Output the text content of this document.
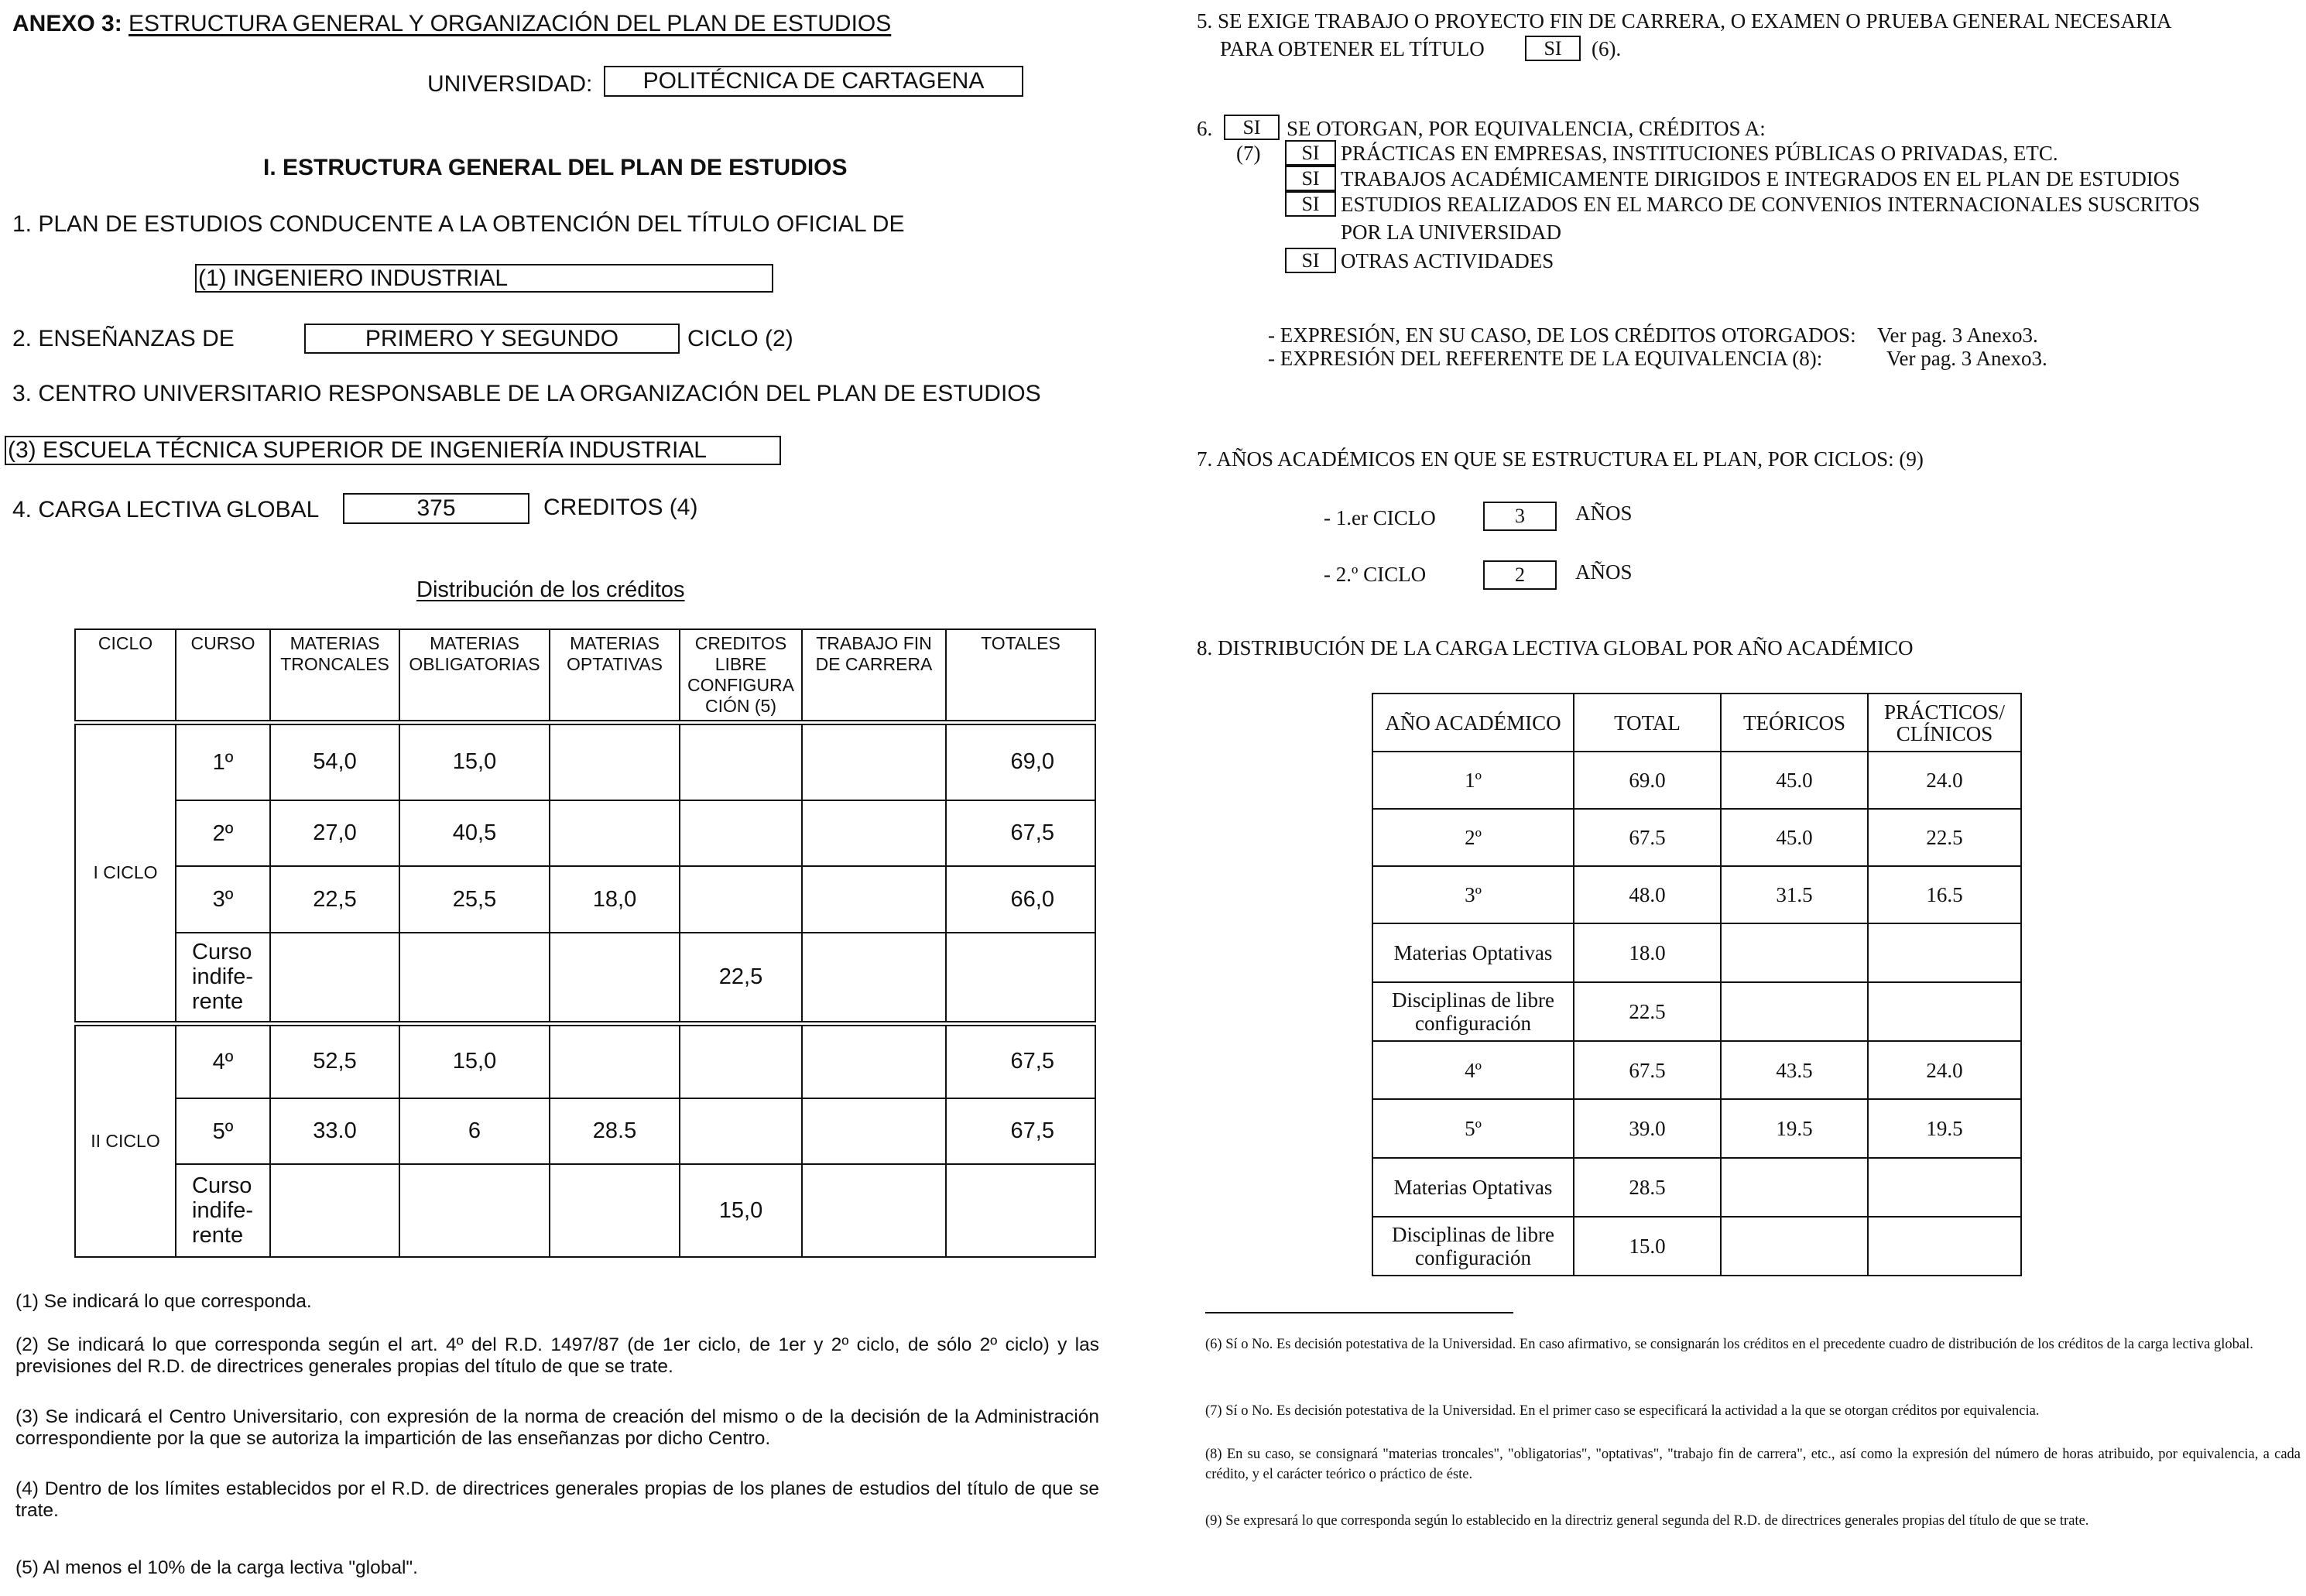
ANEXO 3: ESTRUCTURA GENERAL Y ORGANIZACIÓN DEL PLAN DE ESTUDIOS
UNIVERSIDAD:	POLITÉCNICA DE CARTAGENA
I. ESTRUCTURA GENERAL DEL PLAN DE ESTUDIOS
1. PLAN DE ESTUDIOS CONDUCENTE A LA OBTENCIÓN DEL TÍTULO OFICIAL DE
(1) INGENIERO INDUSTRIAL
2. ENSEÑANZAS DE	PRIMERO Y SEGUNDO	CICLO (2)
3. CENTRO UNIVERSITARIO RESPONSABLE DE LA ORGANIZACIÓN DEL PLAN DE ESTUDIOS
(3) ESCUELA TÉCNICA SUPERIOR DE INGENIERÍA INDUSTRIAL
4. CARGA LECTIVA GLOBAL	375	CREDITOS (4)
Distribución de los créditos
CICLO	CURSO	MATERIAS TRONCALES	MATERIAS OBLIGATORIAS	MATERIAS OPTATIVAS	CREDITOS LIBRE CONFIGURA CIÓN (5)	TRABAJO FIN DE CARRERA	TOTALES
I CICLO	1º	54,0	15,0				69,0
	2º	27,0	40,5				67,5
	3º	22,5	25,5	18,0			66,0
	Curso indife- rente				22,5		
II CICLO	4º	52,5	15,0				67,5
	5º	33.0	6	28.5			67,5
	Curso indife- rente				15,0		
(1) Se indicará lo que corresponda.
(2) Se indicará lo que corresponda según el art. 4º del R.D. 1497/87 (de 1er ciclo, de 1er y 2º ciclo, de sólo 2º ciclo) y las previsiones del R.D. de directrices generales propias del título de que se trate.
(3) Se indicará el Centro Universitario, con expresión de la norma de creación del mismo o de la decisión de la Administración correspondiente por la que se autoriza la impartición de las enseñanzas por dicho Centro.
(4) Dentro de los límites establecidos por el R.D. de directrices generales propias de los planes de estudios del título de que se trate.
(5) Al menos el 10% de la carga lectiva "global".
5. SE EXIGE TRABAJO O PROYECTO FIN DE CARRERA, O EXAMEN O PRUEBA GENERAL NECESARIA
PARA OBTENER EL TÍTULO	SI	(6).
6.	SI	SE OTORGAN, POR EQUIVALENCIA, CRÉDITOS A:
(7)	SI	PRÁCTICAS EN EMPRESAS, INSTITUCIONES PÚBLICAS O PRIVADAS, ETC.
SI	TRABAJOS ACADÉMICAMENTE DIRIGIDOS E INTEGRADOS EN EL PLAN DE ESTUDIOS
SI	ESTUDIOS REALIZADOS EN EL MARCO DE CONVENIOS INTERNACIONALES SUSCRITOS
POR LA UNIVERSIDAD
SI	OTRAS ACTIVIDADES
- EXPRESIÓN, EN SU CASO, DE LOS CRÉDITOS OTORGADOS: Ver pag. 3 Anexo3.
- EXPRESIÓN DEL REFERENTE DE LA EQUIVALENCIA (8):	Ver pag. 3 Anexo3.
7. AÑOS ACADÉMICOS EN QUE SE ESTRUCTURA EL PLAN, POR CICLOS: (9)
- 1.er CICLO	3	AÑOS
- 2.º CICLO	2	AÑOS
8. DISTRIBUCIÓN DE LA CARGA LECTIVA GLOBAL POR AÑO ACADÉMICO
AÑO ACADÉMICO	TOTAL	TEÓRICOS	PRÁCTICOS/ CLÍNICOS
1º	69.0	45.0	24.0
2º	67.5	45.0	22.5
3º	48.0	31.5	16.5
Materias Optativas	18.0		
Disciplinas de libre configuración	22.5		
4º	67.5	43.5	24.0
5º	39.0	19.5	19.5
Materias Optativas	28.5		
Disciplinas de libre configuración	15.0		
(6) Sí o No. Es decisión potestativa de la Universidad. En caso afirmativo, se consignarán los créditos en el precedente cuadro de distribución de los créditos de la carga lectiva global.
(7) Sí o No. Es decisión potestativa de la Universidad. En el primer caso se especificará la actividad a la que se otorgan créditos por equivalencia.
(8) En su caso, se consignará "materias troncales", "obligatorias", "optativas", "trabajo fin de carrera", etc., así como la expresión del número de horas atribuido, por equivalencia, a cada crédito, y el carácter teórico o práctico de éste.
(9) Se expresará lo que corresponda según lo establecido en la directriz general segunda del R.D. de directrices generales propias del título de que se trate.
